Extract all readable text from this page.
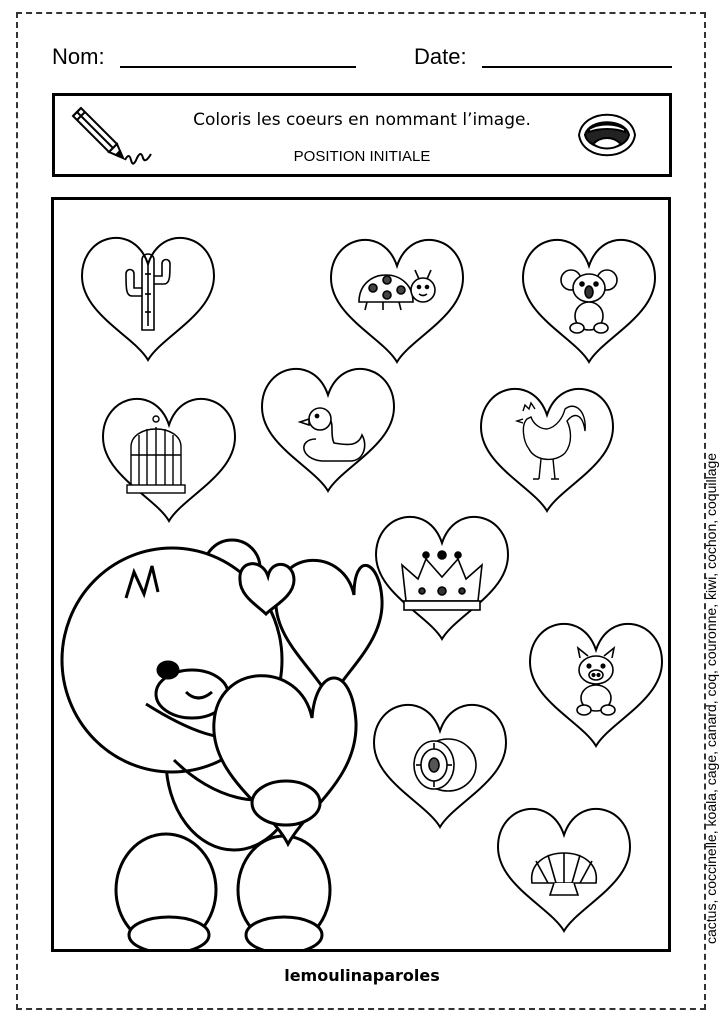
Nom:	Date:
Coloris les coeurs en nommant l’image.
POSITION INITIALE
cactus, coccinelle, koala, cage, canard, coq, couronne, kiwi, cochon, coquillage
lemoulinaparoles
